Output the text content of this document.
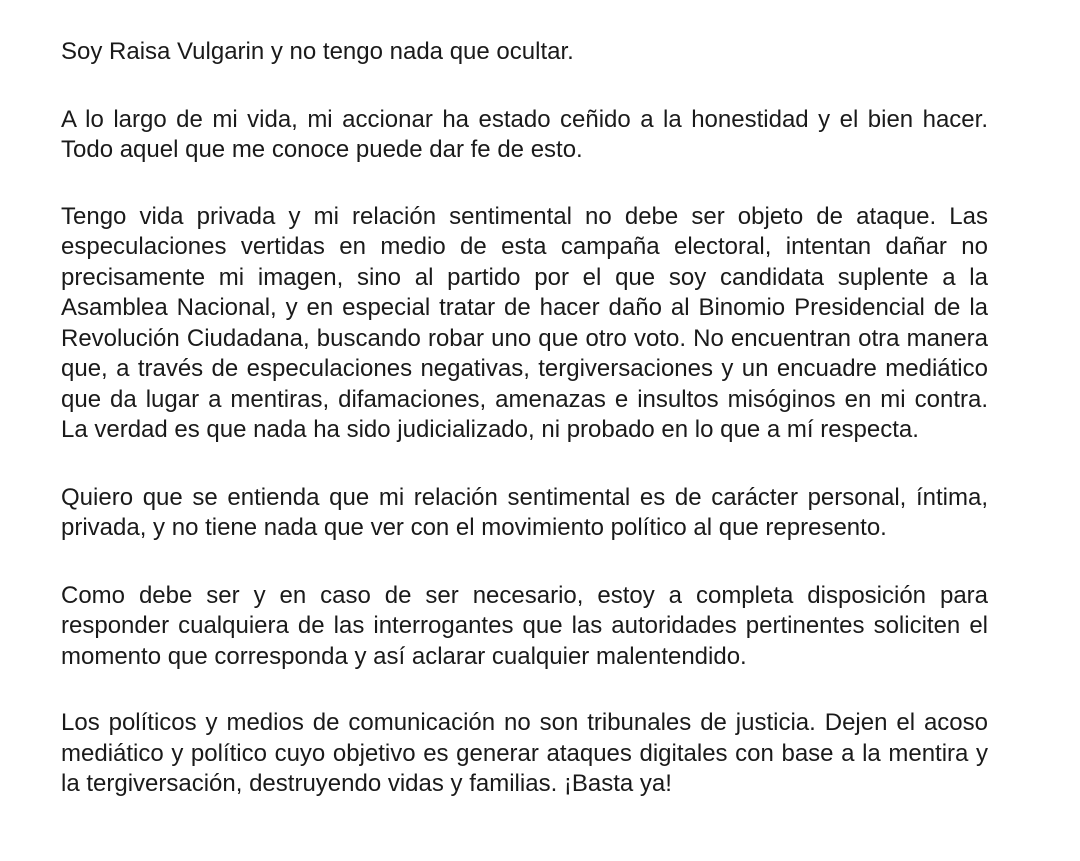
Soy Raisa Vulgarin y no tengo nada que ocultar.

A lo largo de mi vida, mi accionar ha estado ceñido a la honestidad y el bien hacer. Todo aquel que me conoce puede dar fe de esto.

Tengo vida privada y mi relación sentimental no debe ser objeto de ataque. Las especulaciones vertidas en medio de esta campaña electoral, intentan dañar no precisamente mi imagen, sino al partido por el que soy candidata suplente a la Asamblea Nacional, y en especial tratar de hacer daño al Binomio Presidencial de la Revolución Ciudadana, buscando robar uno que otro voto. No encuentran otra manera que, a través de especulaciones negativas, tergiversaciones y un encuadre mediático que da lugar a mentiras, difamaciones, amenazas e insultos misóginos en mi contra. La verdad es que nada ha sido judicializado, ni probado en lo que a mí respecta.

Quiero que se entienda que mi relación sentimental es de carácter personal, íntima, privada, y no tiene nada que ver con el movimiento político al que represento.

Como debe ser y en caso de ser necesario, estoy a completa disposición para responder cualquiera de las interrogantes que las autoridades pertinentes soliciten el momento que corresponda y así aclarar cualquier malentendido.

Los políticos y medios de comunicación no son tribunales de justicia. Dejen el acoso mediático y político cuyo objetivo es generar ataques digitales con base a la mentira y la tergiversación, destruyendo vidas y familias. ¡Basta ya!
